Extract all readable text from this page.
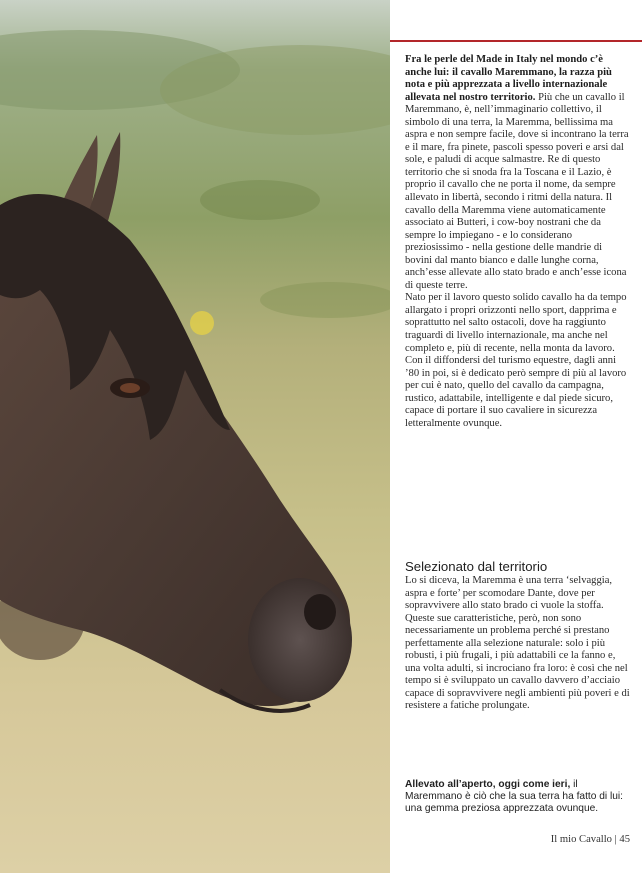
Fra le perle del Made in Italy nel mondo c’è anche lui: il cavallo Maremmano, la razza più nota e più apprezzata a livello internazionale allevata nel nostro territorio. Più che un cavallo il Maremmano, è, nell’immaginario collettivo, il simbolo di una terra, la Maremma, bellissima ma aspra e non sempre facile, dove si incontrano la terra e il mare, fra pinete, pascoli spesso poveri e arsi dal sole, e paludi di acque salmastre. Re di questo territorio che si snoda fra la Toscana e il Lazio, è proprio il cavallo che ne porta il nome, da sempre allevato in libertà, secondo i ritmi della natura. Il cavallo della Maremma viene automaticamente associato ai Butteri, i cow-boy nostrani che da sempre lo impiegano - e lo considerano preziosissimo - nella gestione delle mandrie di bovini dal manto bianco e dalle lunghe corna, anch’esse allevate allo stato brado e anch’esse icona di queste terre.

Nato per il lavoro questo solido cavallo ha da tempo allargato i propri orizzonti nello sport, dapprima e soprattutto nel salto ostacoli, dove ha raggiunto traguardi di livello internazionale, ma anche nel completo e, più di recente, nella monta da lavoro. Con il diffondersi del turismo equestre, dagli anni ’80 in poi, si è dedicato però sempre di più al lavoro per cui è nato, quello del cavallo da campagna, rustico, adattabile, intelligente e dal piede sicuro, capace di portare il suo cavaliere in sicurezza letteralmente ovunque.

Selezionato dal territorio

Lo si diceva, la Maremma è una terra ‘selvaggia, aspra e forte’ per scomodare Dante, dove per sopravvivere allo stato brado ci vuole la stoffa. Queste sue caratteristiche, però, non sono necessariamente un problema perché si prestano perfettamente alla selezione naturale: solo i più robusti, i più frugali, i più adattabili ce la fanno e, una volta adulti, si incrociano fra loro: è così che nel tempo si è sviluppato un cavallo davvero d’acciaio capace di sopravvivere negli ambienti più poveri e di resistere a fatiche prolungate.

Allevato all’aperto, oggi come ieri, il Maremmano è ciò che la sua terra ha fatto di lui: una gemma preziosa apprezzata ovunque.
Il mio Cavallo | 45
